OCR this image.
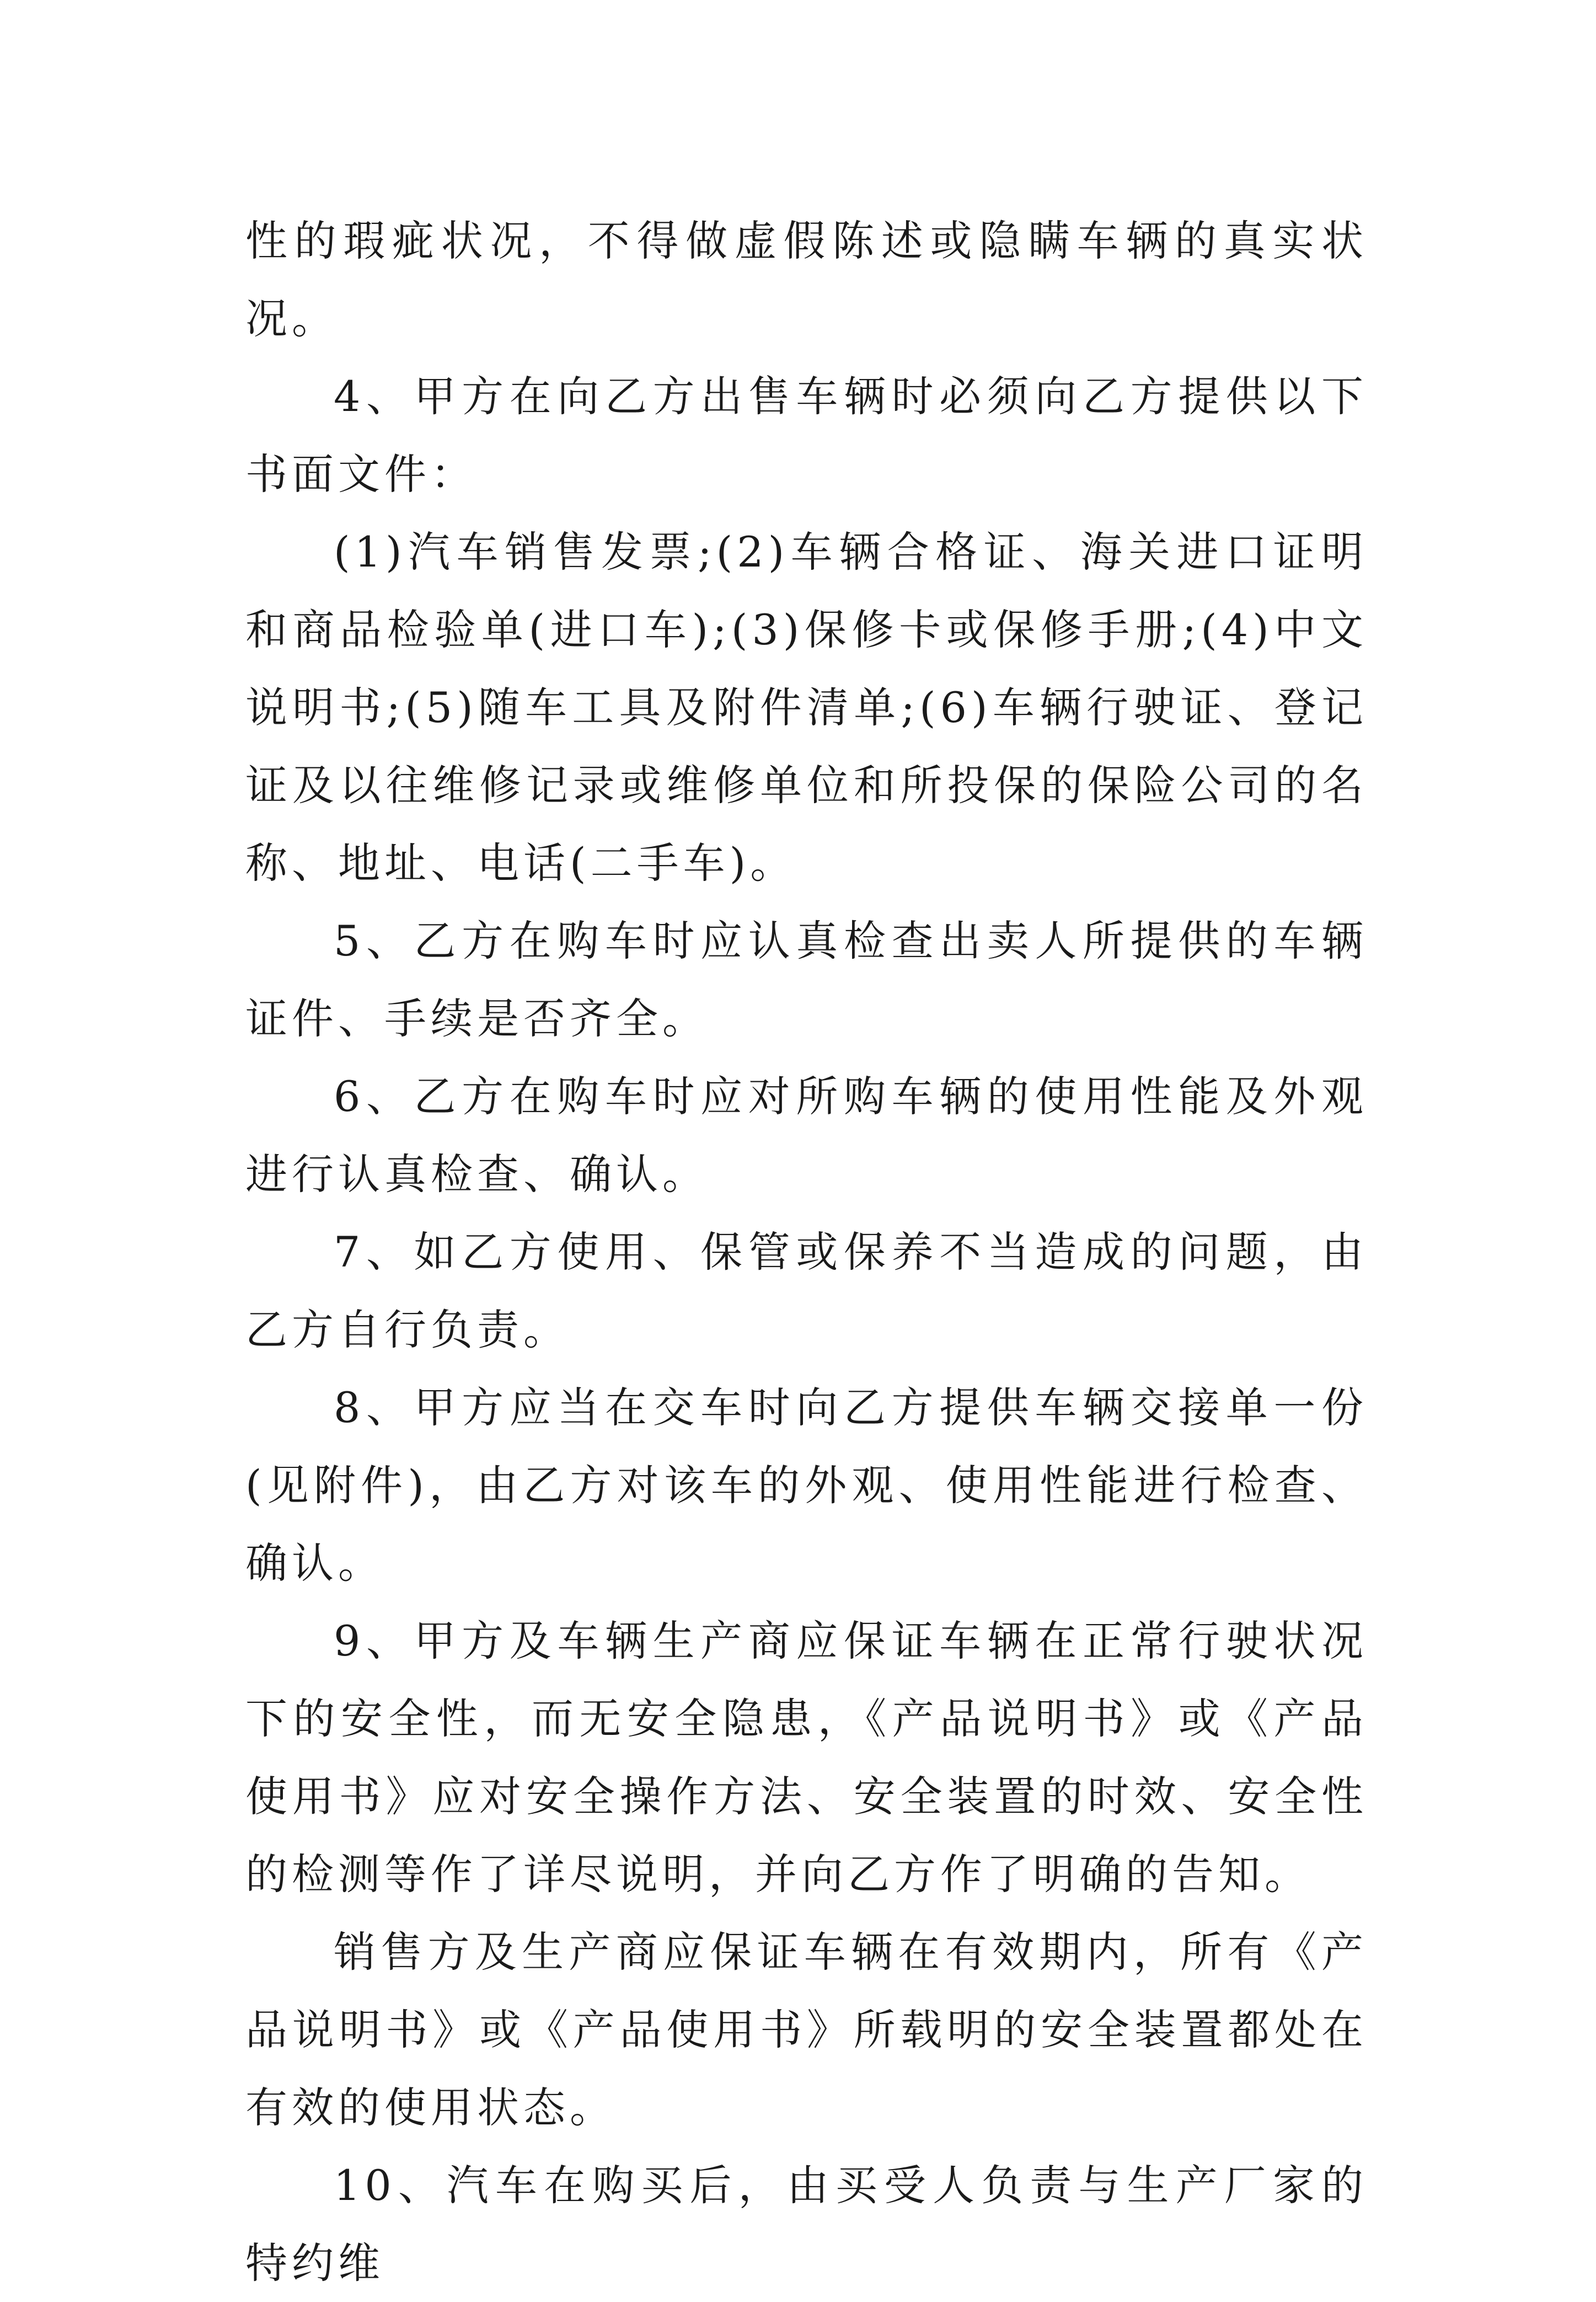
性的瑕疵状况，不得做虚假陈述或隐瞒车辆的真实状况。

4、甲方在向乙方出售车辆时必须向乙方提供以下书面文件：

(1)汽车销售发票;(2)车辆合格证、海关进口证明和商品检验单(进口车);(3)保修卡或保修手册;(4)中文说明书;(5)随车工具及附件清单;(6)车辆行驶证、登记证及以往维修记录或维修单位和所投保的保险公司的名称、地址、电话(二手车)。

5、乙方在购车时应认真检查出卖人所提供的车辆证件、手续是否齐全。

6、乙方在购车时应对所购车辆的使用性能及外观进行认真检查、确认。

7、如乙方使用、保管或保养不当造成的问题，由乙方自行负责。

8、甲方应当在交车时向乙方提供车辆交接单一份(见附件)，由乙方对该车的外观、使用性能进行检查、确认。

9、甲方及车辆生产商应保证车辆在正常行驶状况下的安全性，而无安全隐患，《产品说明书》或《产品使用书》应对安全操作方法、安全装置的时效、安全性的检测等作了详尽说明，并向乙方作了明确的告知。

销售方及生产商应保证车辆在有效期内，所有《产品说明书》或《产品使用书》所载明的安全装置都处在有效的使用状态。

10、汽车在购买后，由买受人负责与生产厂家的特约维
